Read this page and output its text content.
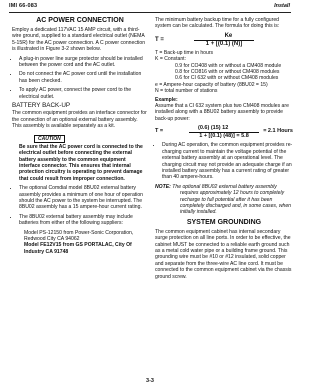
IMI 66-083	Install
AC POWER CONNECTION

Employ a dedicated 117VAC 15 AMP circuit, with a third-wire ground, supplied to a standard electrical outlet (NEMA 5-15R) for the AC power connection. A C power connection is illustrated in Figure 3-2 shown below.

• A plug-in power line surge protector should be installed between the power cord and the AC outlet.
• Do not connect the AC power cord until the installation has been checked.
• To apply AC power, connect the power cord to the electrical outlet.
BATTERY BACK-UP

The common equipment provides an interface connector for the connection of an optional external battery assembly. This assembly is available separately as a kit.

CAUTION
Be sure that the AC power cord is connected to the electrical outlet before connecting the external battery assembly to the common equipment interface connector. This ensures that internal protection circuitry is operating to prevent damage that could result from improper connection.
• The optional Comdial model 8BU02 external battery assembly provides a minimum of one hour of operation should the AC power to the system be interrupted. The 8BU02 assembly has a 15 ampere-hour current rating.
• The 8BU02 external battery assembly may include batteries from either of the following suppliers:
Model PS-12150 from Power-Sonic Corporation, Redwood City CA 94062
Model FE12V15 from GS PORTALAC, City Of Industry CA 91748

The minimum battery backup time for a fully configured system can be calculated. The formula for doing this is:

T =
Ke
1 + [(0.1) (N)]
T = Back-up time in hours
K = Constant:
0.9 for CO408 with or without a CM408 module
0.8 for CO816 with or without CM408 modules
0.6 for CI 632 with or without CM408 modules
e = Ampere-hour capacity of battery (8BU02 = 15)
N = total number of stations
Example:

Assume that a CI 632 system plus two CM408 modules are installed along with a 8BU02 battery assembly to provide back-up power:

T =	= 2.1 Hours
(0.6) (15) 12
1 + [(0.1) (48)] = 5.8
• During AC operation, the common equipment provides re-charging current to maintain the voltage potential of the external battery assembly at an operational level. The charging circuit may not provide an adequate charge if an installed battery assembly has a current rating of greater than 40 ampere-hours.
NOTE: The optional 8BU02 external battery assembly requires approximately 12 hours to completely recharge to full potential after it has been completely discharged and, in some cases, when initially installed.
SYSTEM GROUNDING

The common equipment cabinet has internal secondary surge protection on all line ports. In order to be effective, the cabinet MUST be connected to a reliable earth ground such as a metal cold water pipe or a building frame ground. This grounding wire must be #10 or #12 insulated, solid copper and separate from the three-wire AC line cord. It must be connected to the common equipment cabinet via the chassis ground screw.

3-3
